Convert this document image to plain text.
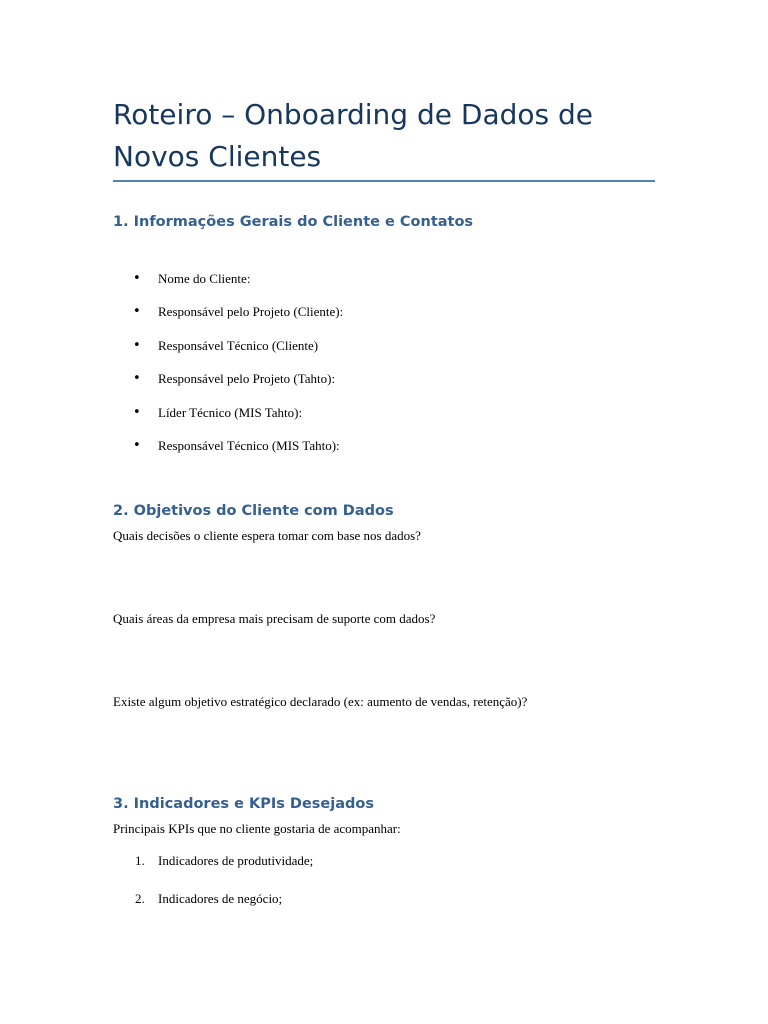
Roteiro – Onboarding de Dados de Novos Clientes
1. Informações Gerais do Cliente e Contatos
• Nome do Cliente:
• Responsável pelo Projeto (Cliente):
• Responsável Técnico (Cliente)
• Responsável pelo Projeto (Tahto):
• Líder Técnico (MIS Tahto):
• Responsável Técnico (MIS Tahto):
2. Objetivos do Cliente com Dados

Quais decisões o cliente espera tomar com base nos dados?

Quais áreas da empresa mais precisam de suporte com dados?

Existe algum objetivo estratégico declarado (ex: aumento de vendas, retenção)?

3. Indicadores e KPIs Desejados

Principais KPIs que no cliente gostaria de acompanhar:

1. Indicadores de produtividade;
2. Indicadores de negócio;
